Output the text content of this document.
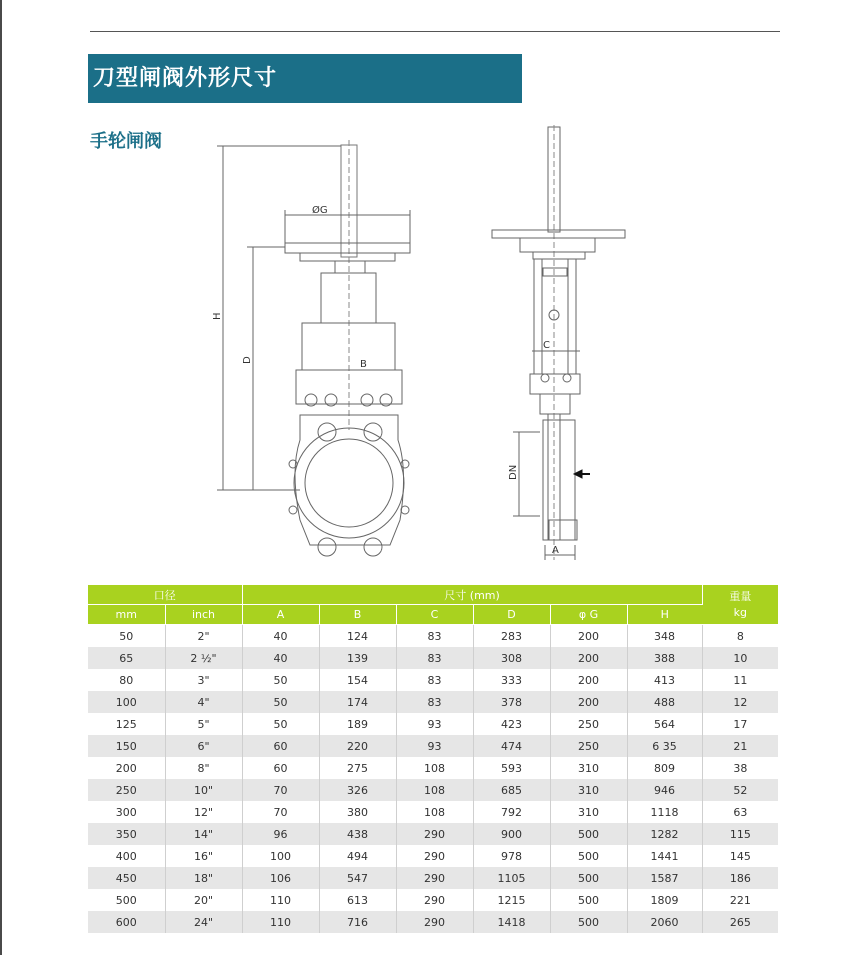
刀型闸阀外形尺寸
手轮闸阀
ØG
H
D	B
DN
C
A
口径		尺寸 (mm)						重量
kg
mm	inch	A	B	C	D	φ G	H	
50	2"	40	124	83	283	200	348	8
65	2 ½"	40	139	83	308	200	388	10
80	3"	50	154	83	333	200	413	11
100	4"	50	174	83	378	200	488	12
125	5"	50	189	93	423	250	564	17
150	6"	60	220	93	474	250	6 35	21
200	8"	60	275	108	593	310	809	38
250	10"	70	326	108	685	310	946	52
300	12"	70	380	108	792	310	1118	63
350	14"	96	438	290	900	500	1282	115
400	16"	100	494	290	978	500	1441	145
450	18"	106	547	290	1105	500	1587	186
500	20"	110	613	290	1215	500	1809	221
600	24"	110	716	290	1418	500	2060	265
